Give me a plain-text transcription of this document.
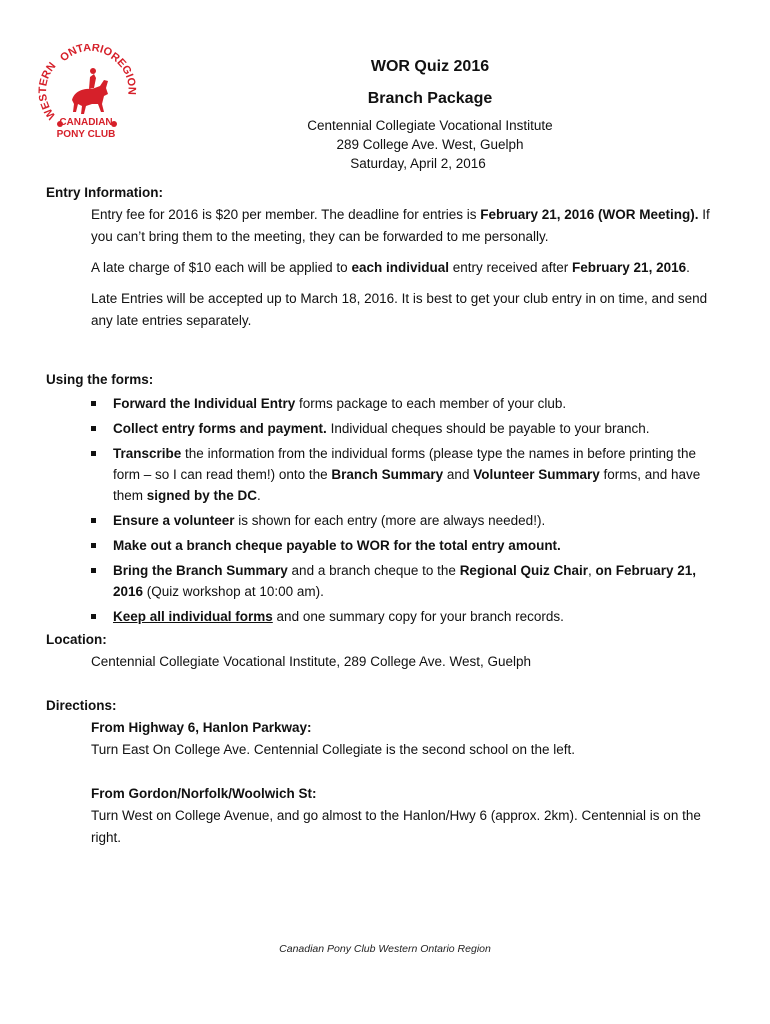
WESTERN
ONTARIO
REGION
CANADIAN
PONY CLUB
WOR Quiz 2016
Branch Package
Centennial Collegiate Vocational Institute
289 College Ave. West, Guelph
Saturday, April 2, 2016
Entry Information:

Entry fee for 2016 is $20 per member. The deadline for entries is February 21, 2016 (WOR Meeting). If you can’t bring them to the meeting, they can be forwarded to me personally.

A late charge of $10 each will be applied to each individual entry received after February 21, 2016.

Late Entries will be accepted up to March 18, 2016. It is best to get your club entry in on time, and send any late entries separately.

Using the forms:
Forward the Individual Entry forms package to each member of your club.
Collect entry forms and payment. Individual cheques should be payable to your branch.
Transcribe the information from the individual forms (please type the names in before printing the form – so I can read them!) onto the Branch Summary and Volunteer Summary forms, and have them signed by the DC.
Ensure a volunteer is shown for each entry (more are always needed!).
Make out a branch cheque payable to WOR for the total entry amount.
Bring the Branch Summary and a branch cheque to the Regional Quiz Chair, on February 21, 2016 (Quiz workshop at 10:00 am).
Keep all individual forms and one summary copy for your branch records.
Location:
Centennial Collegiate Vocational Institute, 289 College Ave. West, Guelph
Directions:
From Highway 6, Hanlon Parkway:
Turn East On College Ave. Centennial Collegiate is the second school on the left.
From Gordon/Norfolk/Woolwich St:
Turn West on College Avenue, and go almost to the Hanlon/Hwy 6 (approx. 2km). Centennial is on the right.
Canadian Pony Club Western Ontario Region
